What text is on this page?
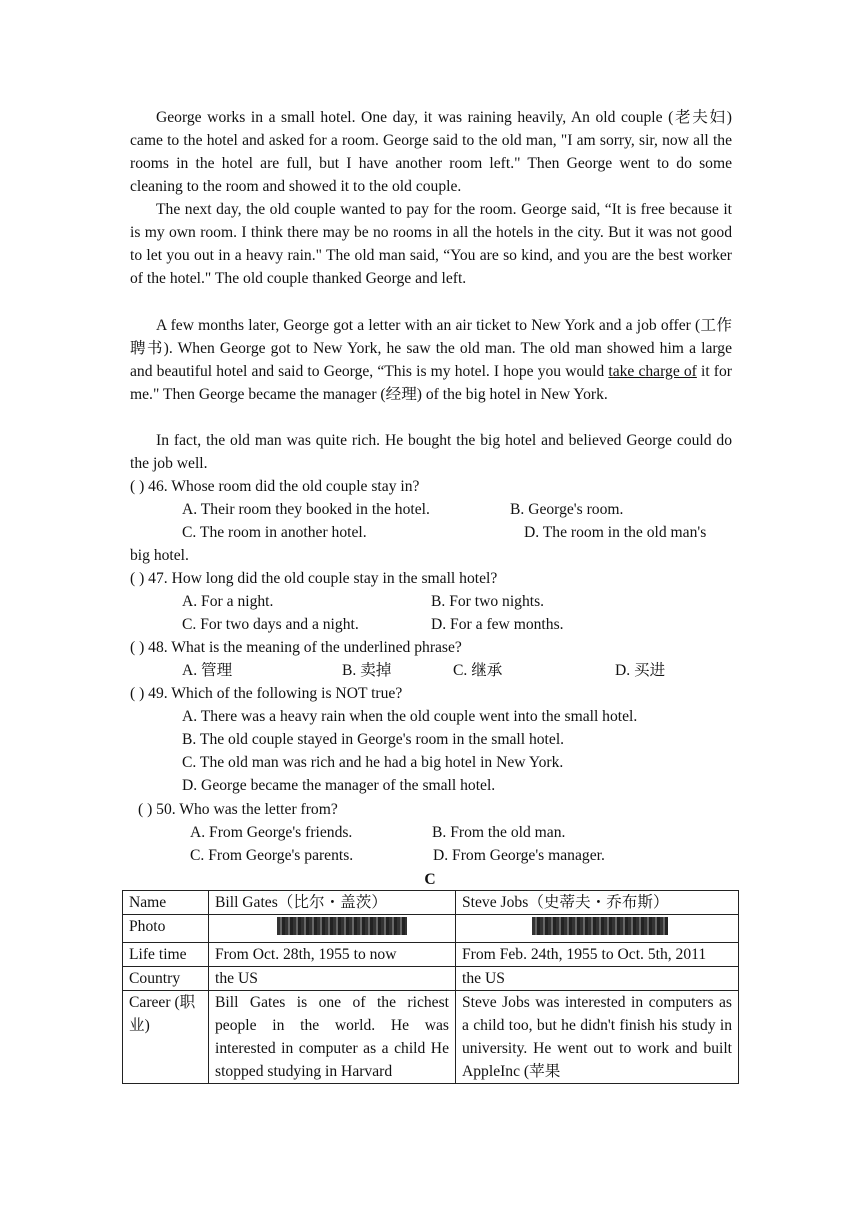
George works in a small hotel. One day, it was raining heavily, An old couple (老夫妇) came to the hotel and asked for a room. George said to the old man, "I am sorry, sir, now all the rooms in the hotel are full, but I have another room left." Then George went to do some cleaning to the room and showed it to the old couple.

The next day, the old couple wanted to pay for the room. George said, “It is free because it is my own room. I think there may be no rooms in all the hotels in the city. But it was not good to let you out in a heavy rain." The old man said, “You are so kind, and you are the best worker of the hotel." The old couple thanked George and left.

A few months later, George got a letter with an air ticket to New York and a job offer (工作聘书). When George got to New York, he saw the old man. The old man showed him a large and beautiful hotel and said to George, “This is my hotel. I hope you would take charge of it for me." Then George became the manager (经理) of the big hotel in New York.

In fact, the old man was quite rich. He bought the big hotel and believed George could do the job well.

( ) 46. Whose room did the old couple stay in?
A. Their room they booked in the hotel.	B. George's room.
C. The room in another hotel.	D. The room in the old man's
big hotel.
( ) 47. How long did the old couple stay in the small hotel?
A. For a night.	B. For two nights.
C. For two days and a night.	D. For a few months.
( ) 48. What is the meaning of the underlined phrase?
A. 管理	B. 卖掉	C. 继承	D. 买进
( ) 49. Which of the following is NOT true?
A. There was a heavy rain when the old couple went into the small hotel.
B. The old couple stayed in George's room in the small hotel.
C. The old man was rich and he had a big hotel in New York.
D. George became the manager of the small hotel.
( ) 50. Who was the letter from?
A. From George's friends.	B. From the old man.
C. From George's parents.	D. From George's manager.
C
Name	Bill Gates（比尔・盖茨）	Steve Jobs（史蒂夫・乔布斯）
Photo		
Life time	From Oct. 28th, 1955 to now	From Feb. 24th, 1955 to Oct. 5th, 2011
Country	the US	the US
Career (职业)	Bill Gates is one of the richest people in the world. He was interested in computer as a child He stopped studying in Harvard	Steve Jobs was interested in computers as a child too, but he didn't finish his study in university. He went out to work and built AppleInc (苹果
